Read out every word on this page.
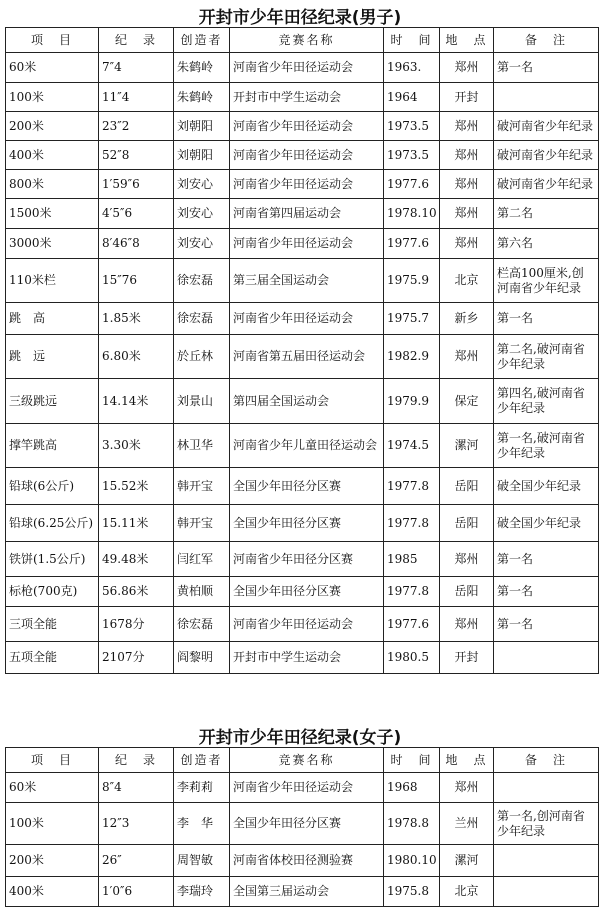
开封市少年田径纪录(男子)
项　目	纪　录	创造者	竞赛名称	时　间	地　点	备　注
60米	7″4	朱鹤岭	河南省少年田径运动会	1963.	郑州	第一名
100米	11″4	朱鹤岭	开封市中学生运动会	1964	开封	
200米	23″2	刘朝阳	河南省少年田径运动会	1973.5	郑州	破河南省少年纪录
400米	52″8	刘朝阳	河南省少年田径运动会	1973.5	郑州	破河南省少年纪录
800米	1′59″6	刘安心	河南省少年田径运动会	1977.6	郑州	破河南省少年纪录
1500米	4′5″6	刘安心	河南省第四届运动会	1978.10	郑州	第二名
3000米	8′46″8	刘安心	河南省少年田径运动会	1977.6	郑州	第六名
110米栏	15″76	徐宏磊	第三届全国运动会	1975.9	北京	栏高100厘米,创河南省少年纪录
跳　高	1.85米	徐宏磊	河南省少年田径运动会	1975.7	新乡	第一名
跳　远	6.80米	於丘林	河南省第五届田径运动会	1982.9	郑州	第二名,破河南省少年纪录
三级跳远	14.14米	刘景山	第四届全国运动会	1979.9	保定	第四名,破河南省少年纪录
撑竿跳高	3.30米	林卫华	河南省少年儿童田径运动会	1974.5	漯河	第一名,破河南省少年纪录
铅球(6公斤)	15.52米	韩开宝	全国少年田径分区赛	1977.8	岳阳	破全国少年纪录
铅球(6.25公斤)	15.11米	韩开宝	全国少年田径分区赛	1977.8	岳阳	破全国少年纪录
铁饼(1.5公斤)	49.48米	闫红军	河南省少年田径分区赛	1985	郑州	第一名
标枪(700克)	56.86米	黄柏顺	全国少年田径分区赛	1977.8	岳阳	第一名
三项全能	1678分	徐宏磊	河南省少年田径运动会	1977.6	郑州	第一名
五项全能	2107分	阎黎明	开封市中学生运动会	1980.5	开封	
开封市少年田径纪录(女子)
项　目	纪　录	创造者	竞赛名称	时　间	地　点	备　注
60米	8″4	李莉莉	河南省少年田径运动会	1968	郑州	
100米	12″3	李　华	全国少年田径分区赛	1978.8	兰州	第一名,创河南省少年纪录
200米	26″	周智敏	河南省体校田径测验赛	1980.10	漯河	
400米	1′0″6	李瑞玲	全国第三届运动会	1975.8	北京	
